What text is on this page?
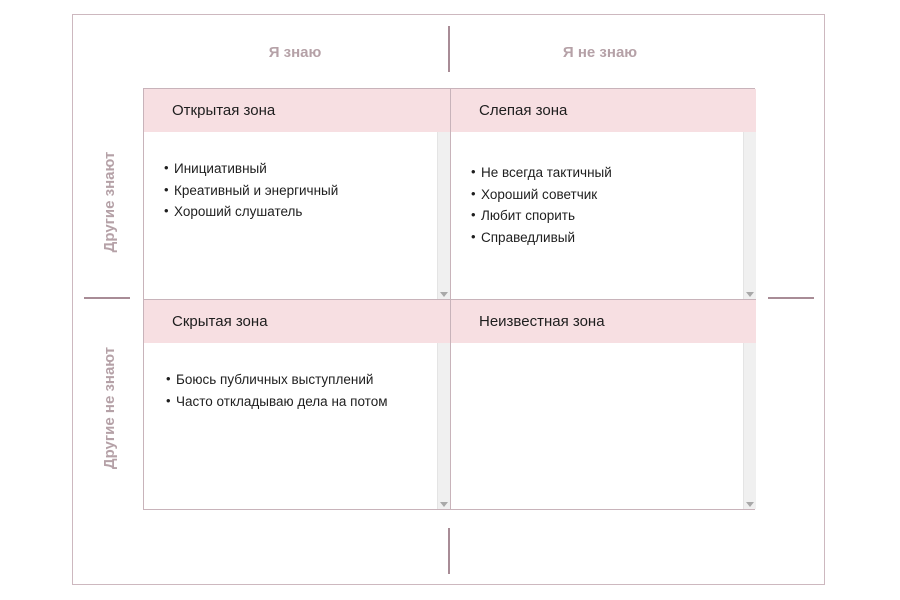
Я знаю	Я не знаю
Другие знают
Другие не знают
Открытая зона
• Инициативный
• Креативный и энергичный
• Хороший слушатель
Слепая зона
• Не всегда тактичный
• Хороший советчик
• Любит спорить
• Справедливый
Скрытая зона
• Боюсь публичных выступлений
• Часто откладываю дела на потом
Неизвестная зона
